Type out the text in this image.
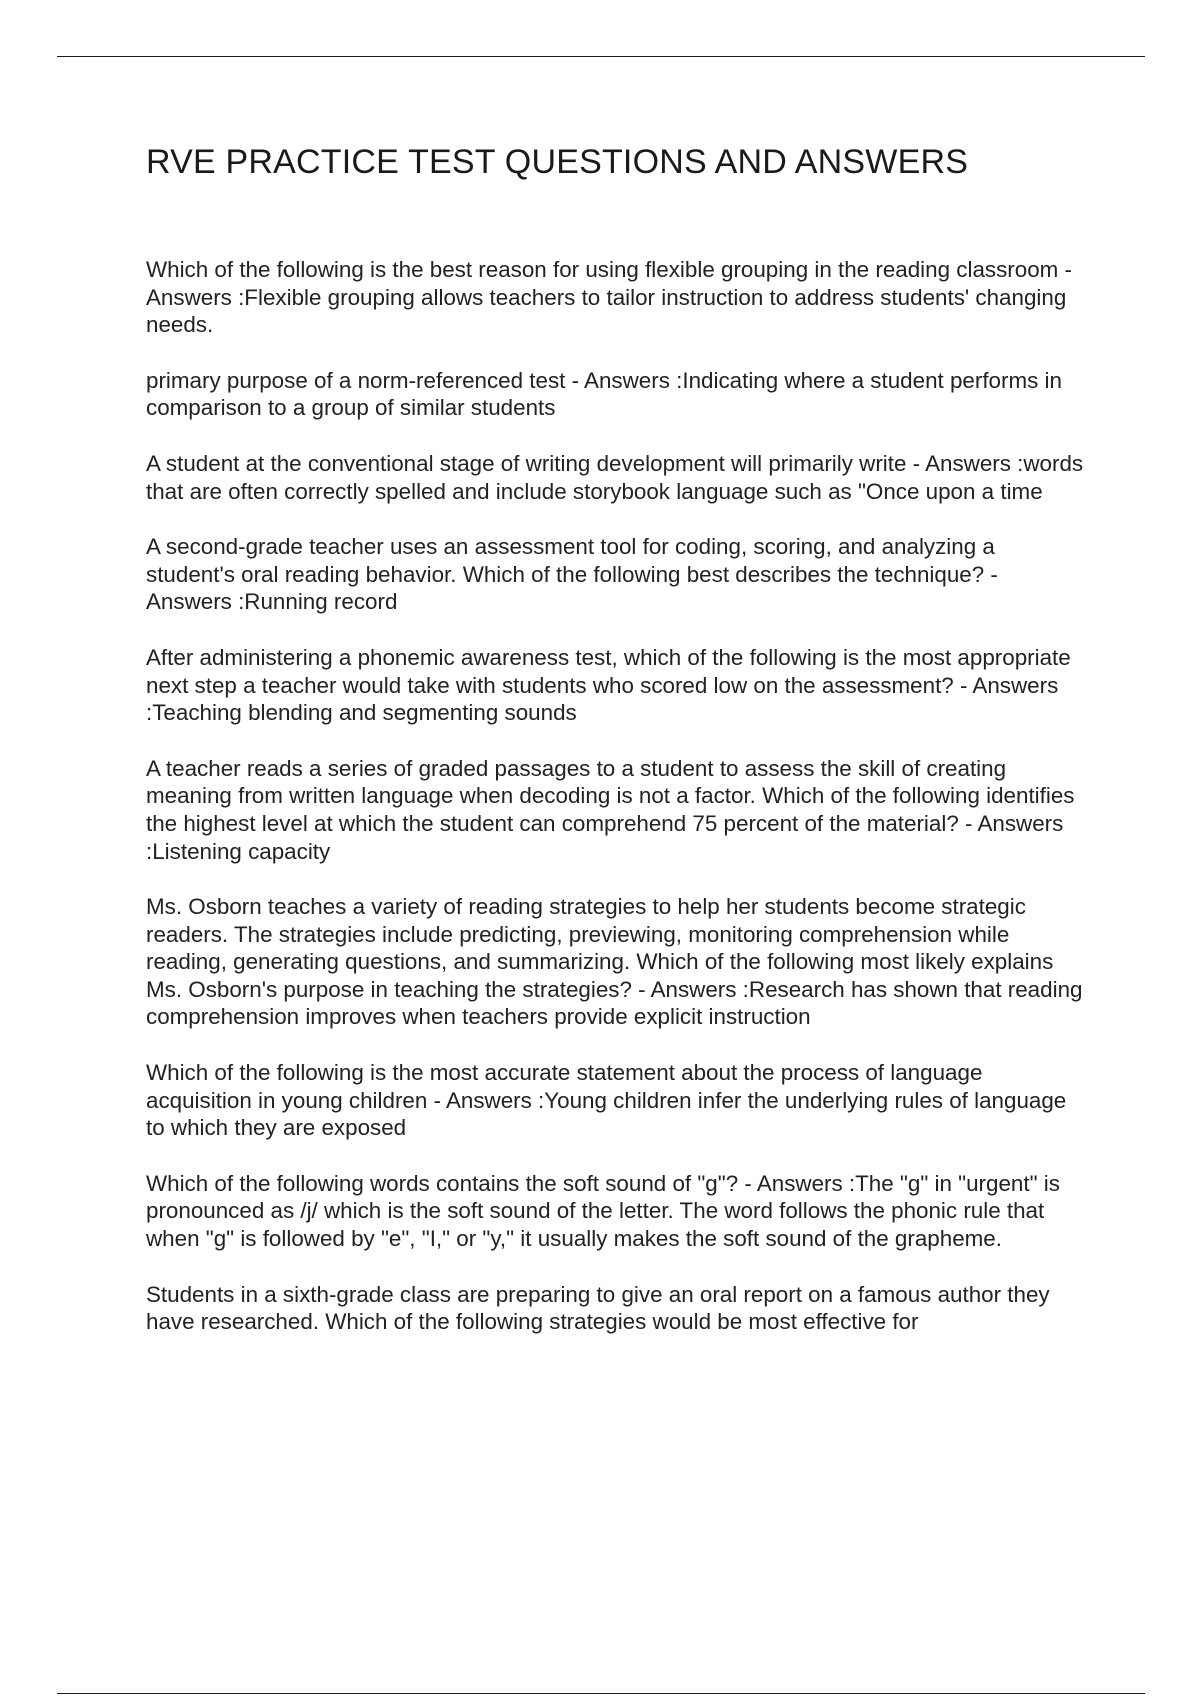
RVE PRACTICE TEST QUESTIONS AND ANSWERS

Which of the following is the best reason for using flexible grouping in the reading classroom - Answers :Flexible grouping allows teachers to tailor instruction to address students' changing needs.

primary purpose of a norm-referenced test - Answers :Indicating where a student performs in comparison to a group of similar students

A student at the conventional stage of writing development will primarily write - Answers :words that are often correctly spelled and include storybook language such as "Once upon a time

A second-grade teacher uses an assessment tool for coding, scoring, and analyzing a student's oral reading behavior. Which of the following best describes the technique? - Answers :Running record

After administering a phonemic awareness test, which of the following is the most appropriate next step a teacher would take with students who scored low on the assessment? - Answers :Teaching blending and segmenting sounds

A teacher reads a series of graded passages to a student to assess the skill of creating meaning from written language when decoding is not a factor. Which of the following identifies the highest level at which the student can comprehend 75 percent of the material? - Answers :Listening capacity

Ms. Osborn teaches a variety of reading strategies to help her students become strategic readers. The strategies include predicting, previewing, monitoring comprehension while reading, generating questions, and summarizing. Which of the following most likely explains Ms. Osborn's purpose in teaching the strategies? - Answers :Research has shown that reading comprehension improves when teachers provide explicit instruction

Which of the following is the most accurate statement about the process of language acquisition in young children - Answers :Young children infer the underlying rules of language to which they are exposed

Which of the following words contains the soft sound of "g"? - Answers :The "g" in "urgent" is pronounced as /j/ which is the soft sound of the letter. The word follows the phonic rule that when "g" is followed by "e", "I," or "y," it usually makes the soft sound of the grapheme.

Students in a sixth-grade class are preparing to give an oral report on a famous author they have researched. Which of the following strategies would be most effective for
